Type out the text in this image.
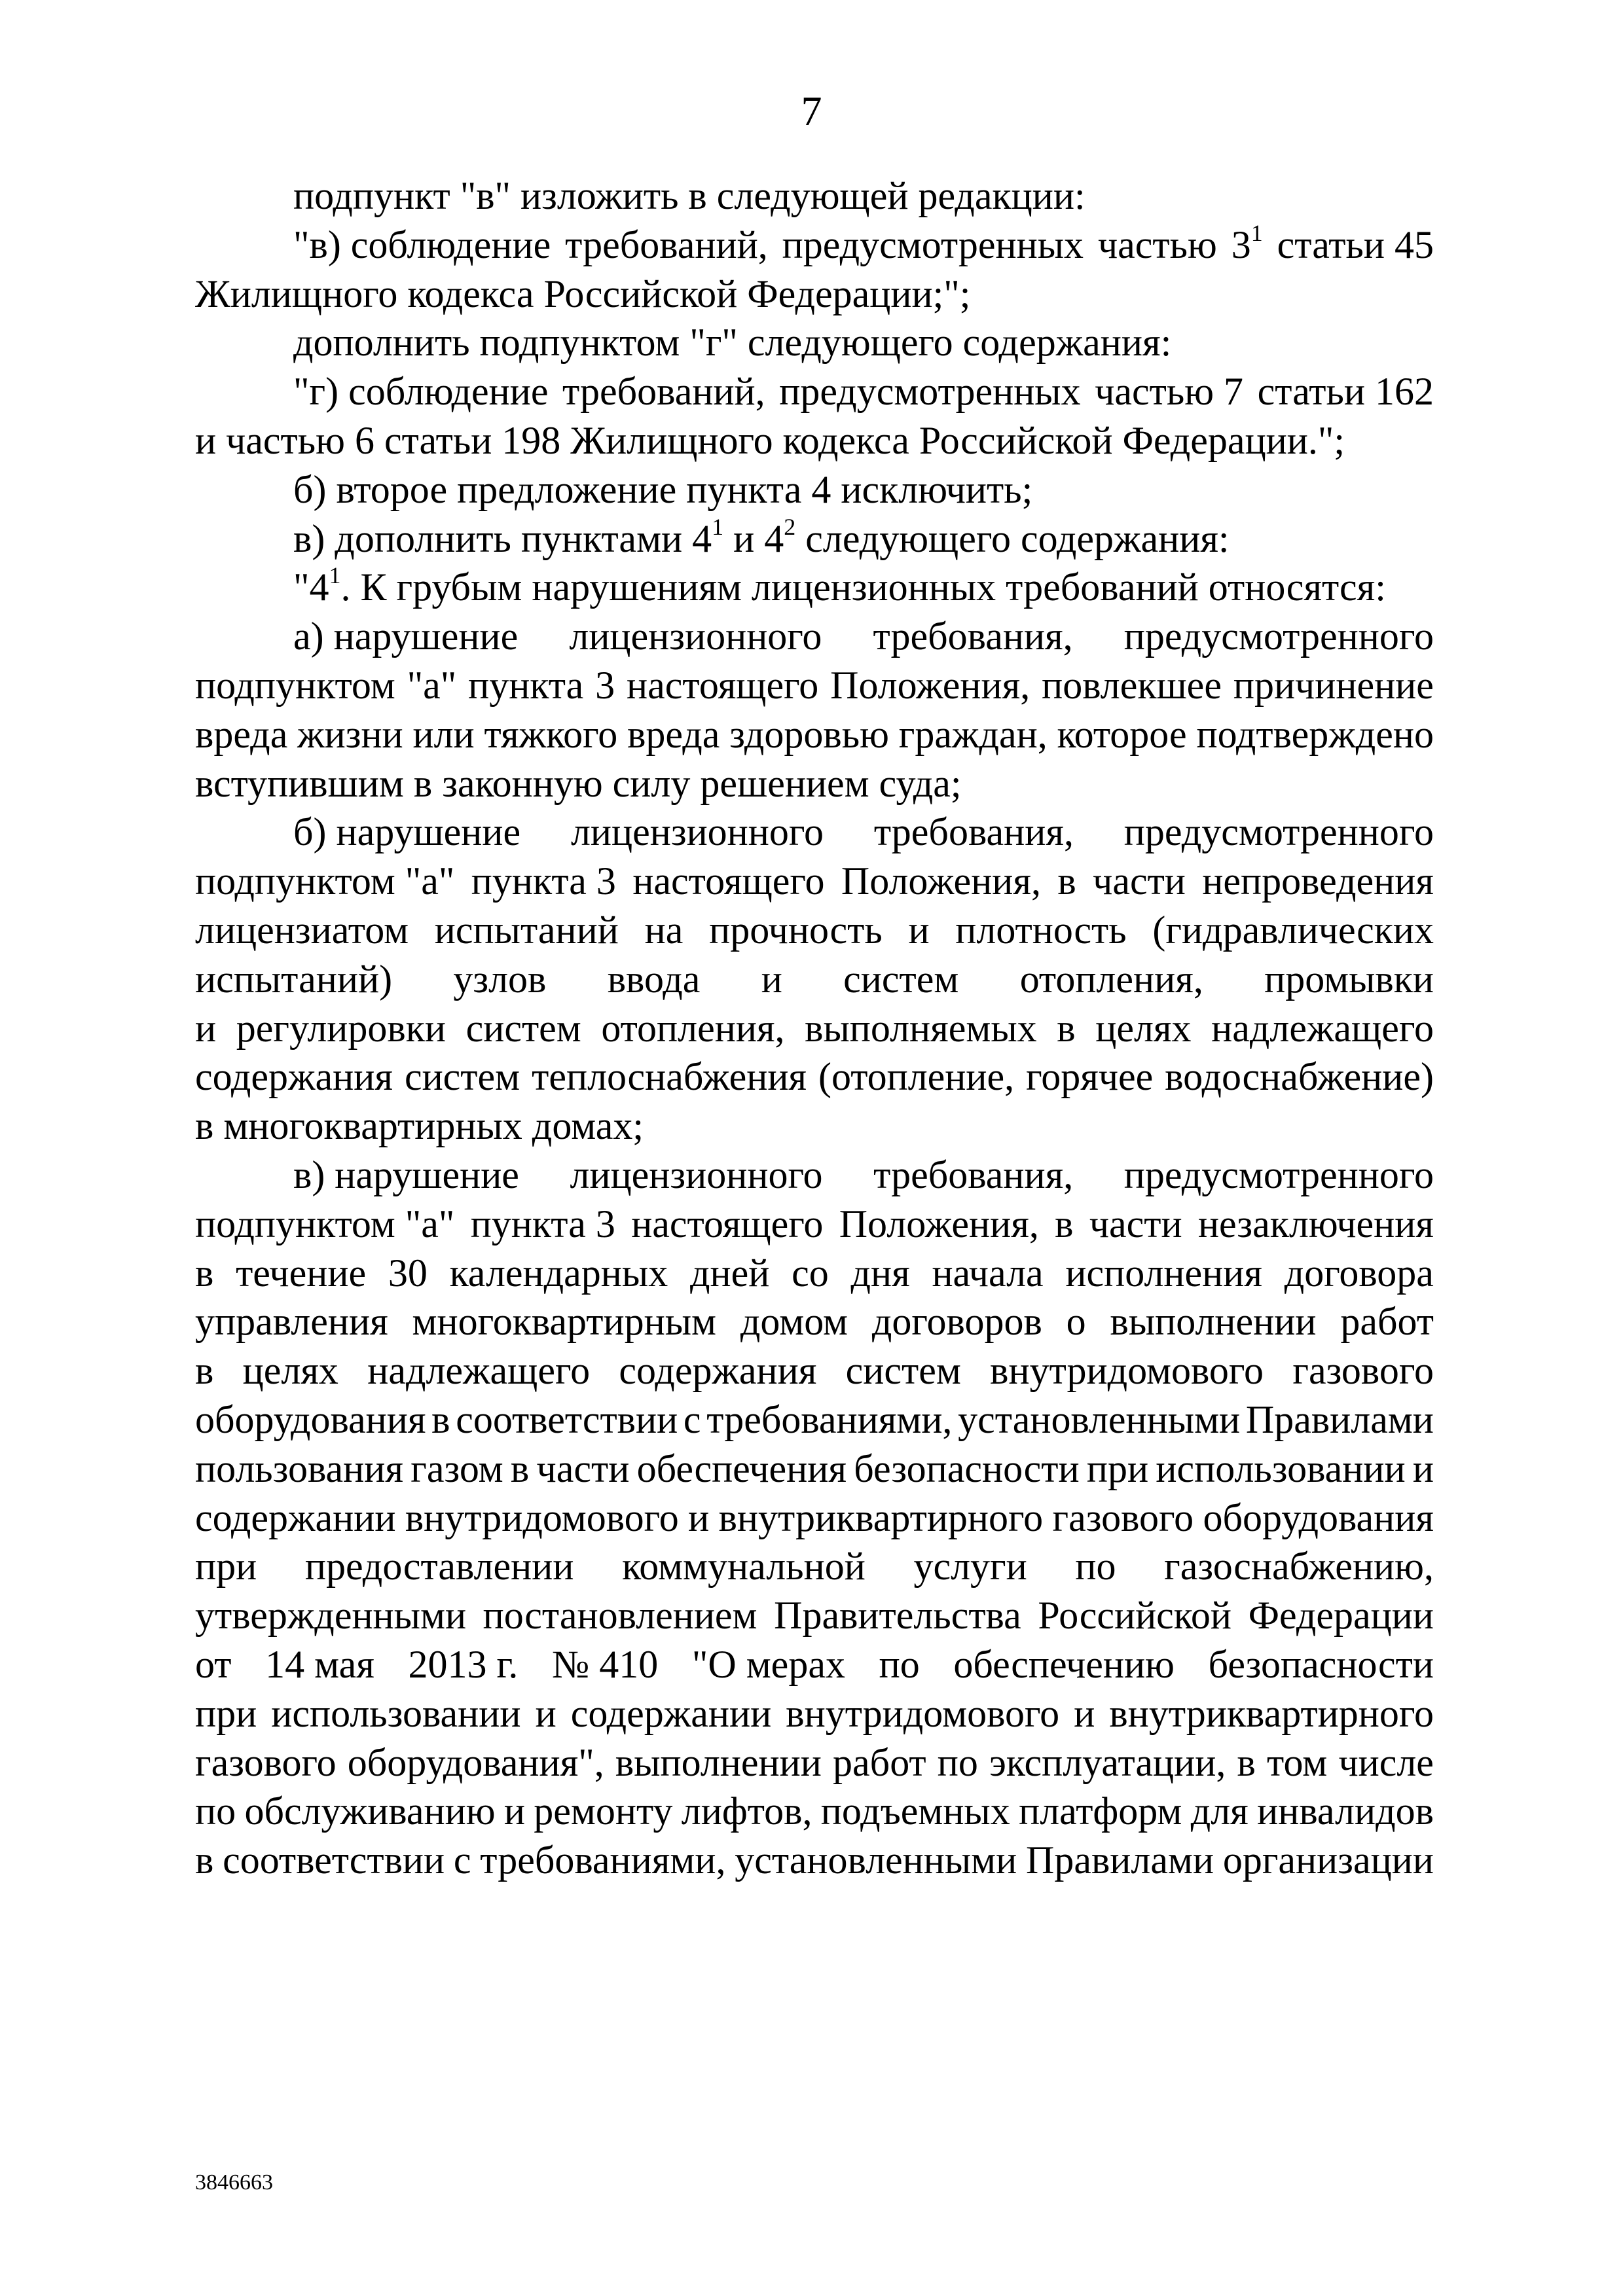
7
подпункт "в" изложить в следующей редакции:
"в) соблюдение требований, предусмотренных частью $3^1$ статьи 45
Жилищного кодекса Российской Федерации;";
дополнить подпунктом "г" следующего содержания:
"г) соблюдение требований, предусмотренных частью 7 статьи 162
и частью 6 статьи 198 Жилищного кодекса Российской Федерации.";
б) второе предложение пункта 4 исключить;
в) дополнить пунктами $4^1$ и $4^2$ следующего содержания:
"$4^1$. К грубым нарушениям лицензионных требований относятся:
а) нарушение лицензионного требования, предусмотренного
подпунктом "а" пункта 3 настоящего Положения, повлекшее причинение
вреда жизни или тяжкого вреда здоровью граждан, которое подтверждено
вступившим в законную силу решением суда;
б) нарушение лицензионного требования, предусмотренного
подпунктом "а" пункта 3 настоящего Положения, в части непроведения
лицензиатом испытаний на прочность и плотность (гидравлических
испытаний) узлов ввода и систем отопления, промывки
и регулировки систем отопления, выполняемых в целях надлежащего
содержания систем теплоснабжения (отопление, горячее водоснабжение)
в многоквартирных домах;
в) нарушение лицензионного требования, предусмотренного
подпунктом "а" пункта 3 настоящего Положения, в части незаключения
в течение 30 календарных дней со дня начала исполнения договора
управления многоквартирным домом договоров о выполнении работ
в целях надлежащего содержания систем внутридомового газового
оборудования в соответствии с требованиями, установленными Правилами
пользования газом в части обеспечения безопасности при использовании и
содержании внутридомового и внутриквартирного газового оборудования
при предоставлении коммунальной услуги по газоснабжению,
утвержденными постановлением Правительства Российской Федерации
от 14 мая 2013 г. № 410 "О мерах по обеспечению безопасности
при использовании и содержании внутридомового и внутриквартирного
газового оборудования", выполнении работ по эксплуатации, в том числе
по обслуживанию и ремонту лифтов, подъемных платформ для инвалидов
в соответствии с требованиями, установленными Правилами организации
3846663
